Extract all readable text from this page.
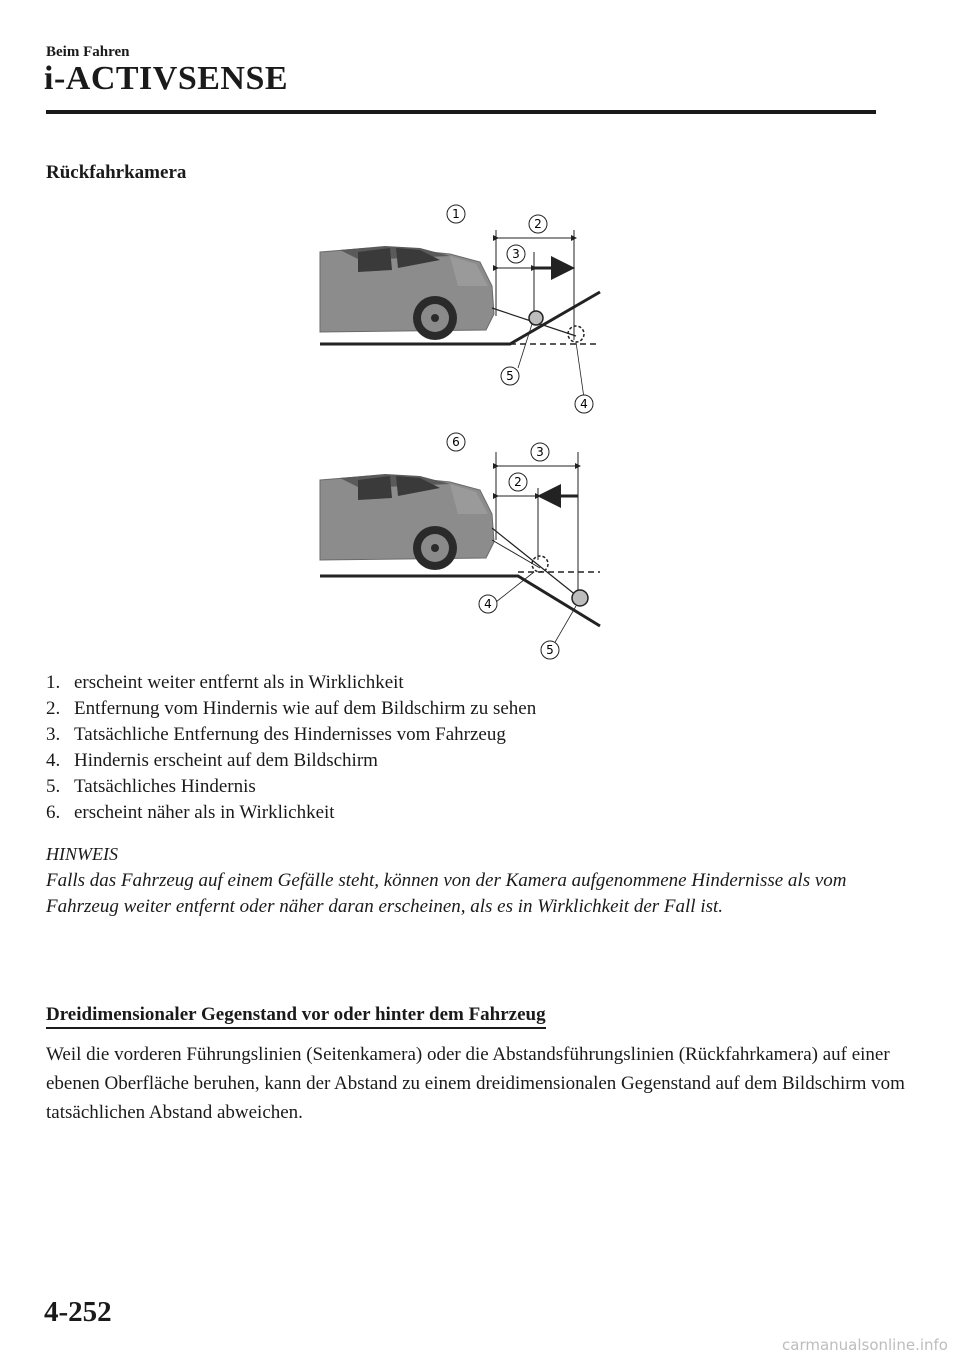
Beim Fahren
i-ACTIVSENSE
Rückfahrkamera
1
2
3
5
4
6
3
2
4
5
1. erscheint weiter entfernt als in Wirklichkeit
2. Entfernung vom Hindernis wie auf dem Bildschirm zu sehen
3. Tatsächliche Entfernung des Hindernisses vom Fahrzeug
4. Hindernis erscheint auf dem Bildschirm
5. Tatsächliches Hindernis
6. erscheint näher als in Wirklichkeit
HINWEIS

Falls das Fahrzeug auf einem Gefälle steht, können von der Kamera aufgenommene Hindernisse als vom Fahrzeug weiter entfernt oder näher daran erscheinen, als es in Wirklichkeit der Fall ist.

Dreidimensionaler Gegenstand vor oder hinter dem Fahrzeug

Weil die vorderen Führungslinien (Seitenkamera) oder die Abstandsführungslinien (Rückfahrkamera) auf einer ebenen Oberfläche beruhen, kann der Abstand zu einem dreidimensionalen Gegenstand auf dem Bildschirm vom tatsächlichen Abstand abweichen.

4-252
carmanualsonline.info
